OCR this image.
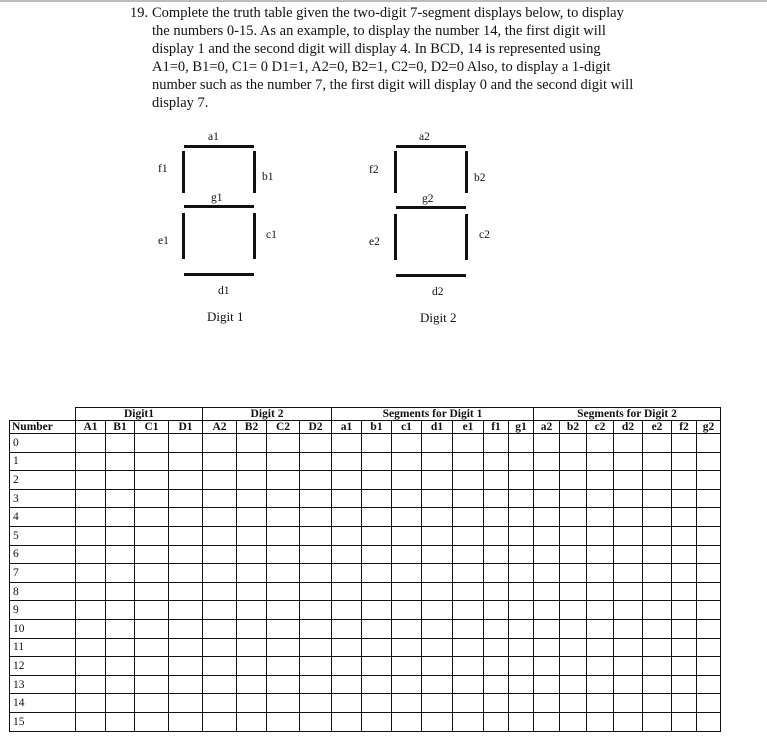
19. Complete the truth table given the two-digit 7-segment displays below, to display
the numbers 0-15. As an example, to display the number 14, the first digit will
display 1 and the second digit will display 4. In BCD, 14 is represented using
A1=0, B1=0, C1= 0 D1=1, A2=0, B2=1, C2=0, D2=0 Also, to display a 1-digit
number such as the number 7, the first digit will display 0 and the second digit will
display 7.
a1
f1
b1
g1
e1	c1
d1
Digit 1
a2
f2
b2
g2
e2
c2
d2
Digit 2
	Digit1				Digit 2				Segments for Digit 1							Segments for Digit 2						
Number	A1	B1	C1	D1	A2	B2	C2	D2	a1	b1	c1	d1	e1	f1	g1	a2	b2	c2	d2	e2	f2	g2
0																						
1																						
2																						
3																						
4																						
5																						
6																						
7																						
8																						
9																						
10																						
11																						
12																						
13																						
14																						
15																						
